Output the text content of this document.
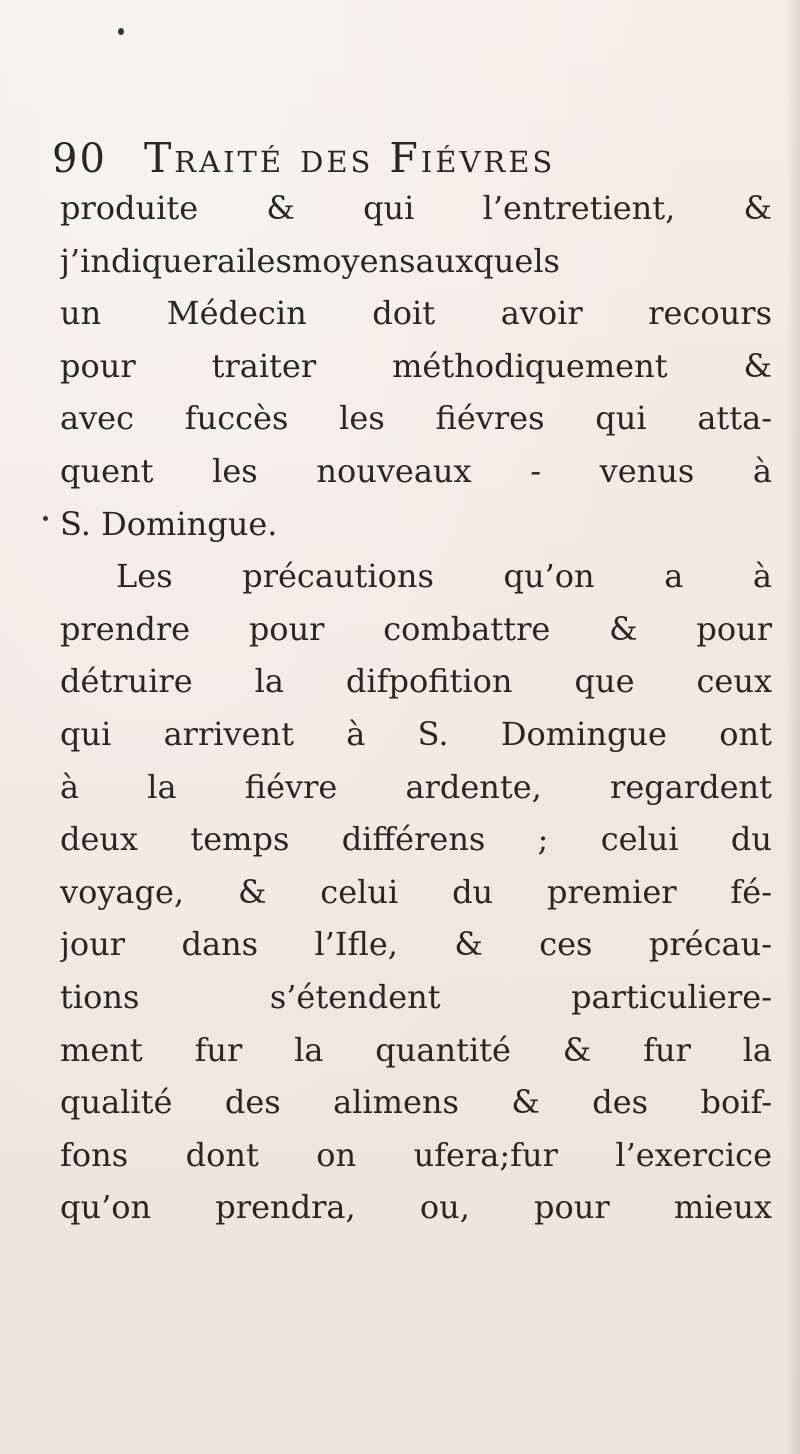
90 Traité des Fiévres
produite & qui l’entretient, &
j’indiquerailesmoyensauxquels
un Médecin doit avoir recours
pour traiter méthodiquement &
avec fuccès les fiévres qui atta-
quent les nouveaux - venus à
S. Domingue.
Les précautions qu’on a à
prendre pour combattre & pour
détruire la difpofition que ceux
qui arrivent à S. Domingue ont
à la fiévre ardente, regardent
deux temps différens ; celui du
voyage, & celui du premier fé-
jour dans l’Ifle, & ces précau-
tions s’étendent particuliere-
ment fur la quantité & fur la
qualité des alimens & des boif-
fons dont on ufera;fur l’exercice
qu’on prendra, ou, pour mieux
